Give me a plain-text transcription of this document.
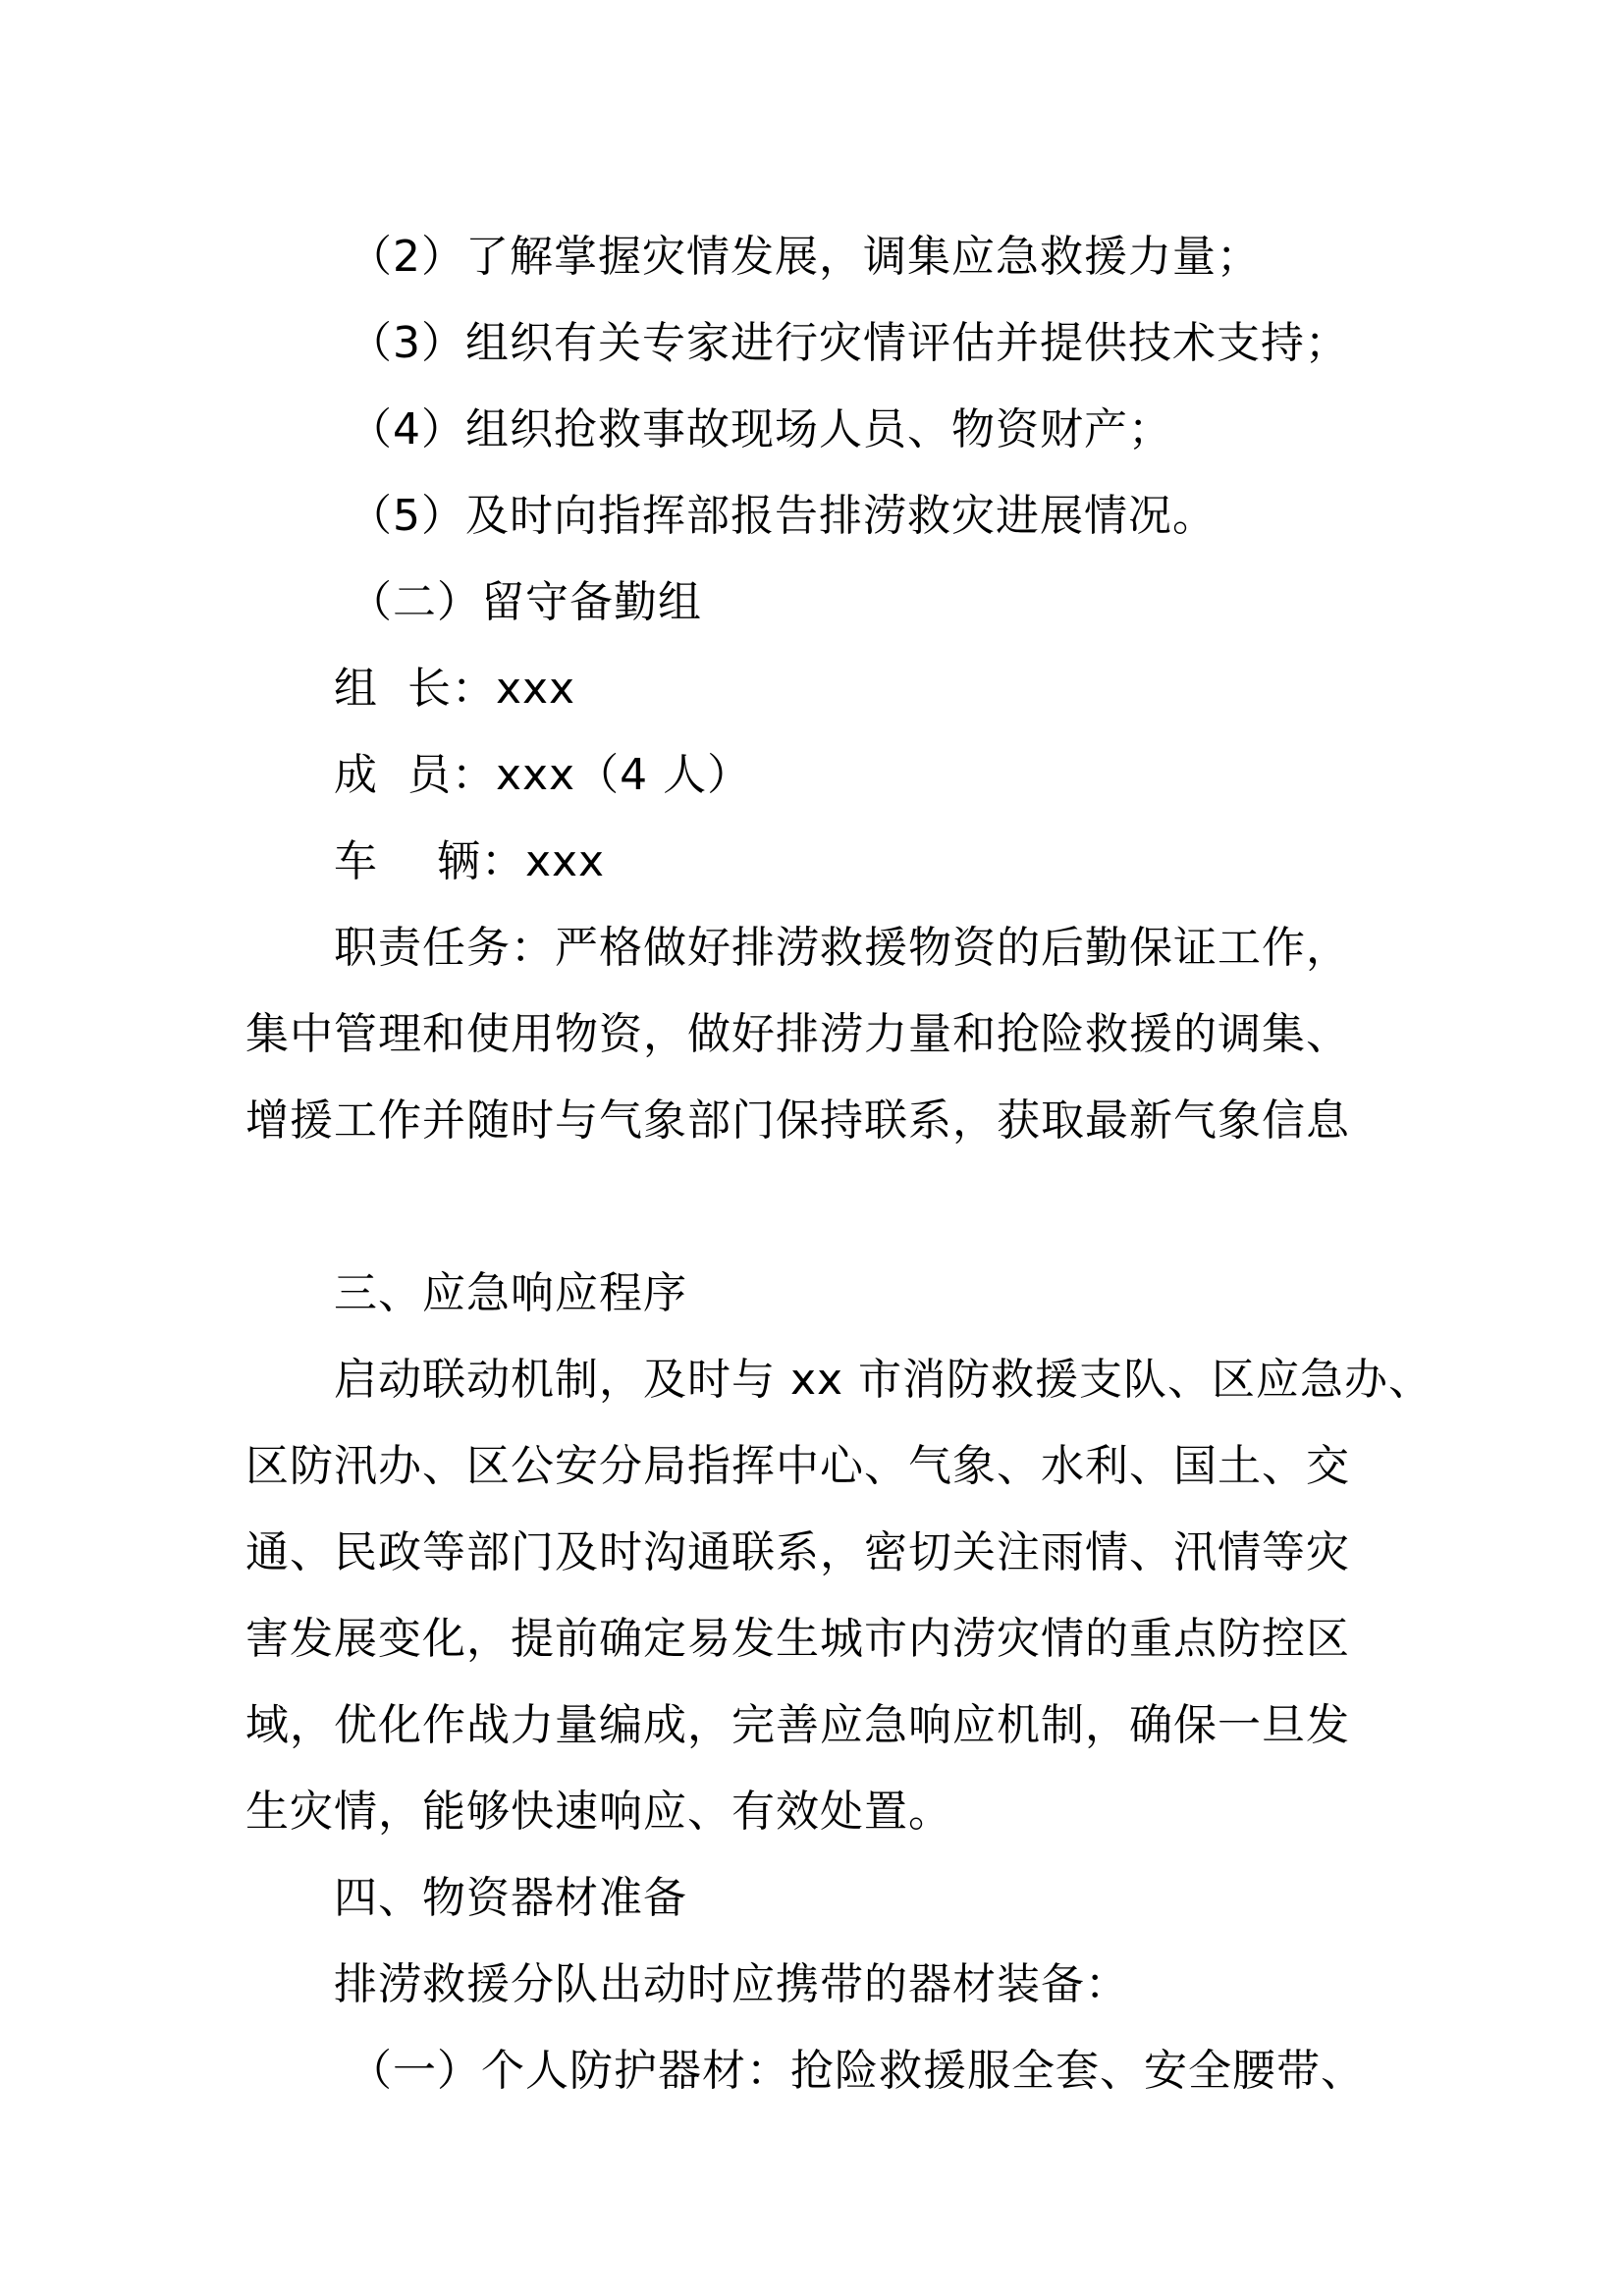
（2）了解掌握灾情发展，调集应急救援力量；
（3）组织有关专家进行灾情评估并提供技术支持；
（4）组织抢救事故现场人员、物资财产；
（5）及时向指挥部报告排涝救灾进展情况。
（二）留守备勤组
组  长：xxx
成  员：xxx（4 人）
车    辆：xxx
职责任务：严格做好排涝救援物资的后勤保证工作，
集中管理和使用物资，做好排涝力量和抢险救援的调集、
增援工作并随时与气象部门保持联系，获取最新气象信息
三、应急响应程序
启动联动机制，及时与 xx 市消防救援支队、区应急办、
区防汛办、区公安分局指挥中心、气象、水利、国土、交
通、民政等部门及时沟通联系，密切关注雨情、汛情等灾
害发展变化，提前确定易发生城市内涝灾情的重点防控区
域，优化作战力量编成，完善应急响应机制，确保一旦发
生灾情，能够快速响应、有效处置。
四、物资器材准备
排涝救援分队出动时应携带的器材装备：
（一）个人防护器材：抢险救援服全套、安全腰带、
